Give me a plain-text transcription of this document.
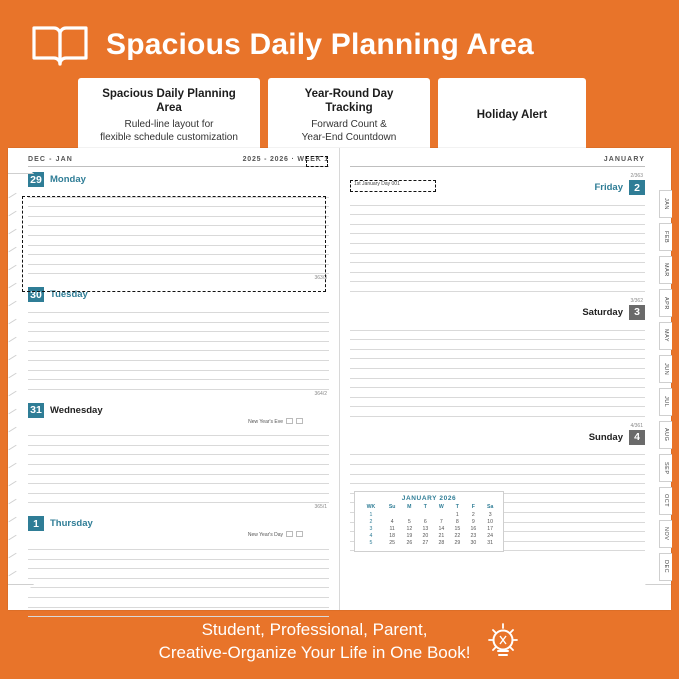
Spacious Daily Planning Area
Spacious Daily Planning Area
Ruled-line layout for
flexible schedule customization
Year-Round Day Tracking
Forward Count &
Year-End Countdown
Holiday Alert
DEC - JAN	2025 - 2026 · WEEK 1
29 Monday
363/3
30 Tuesday
364/2
31 Wednesday
New Year's Eve
365/1
1	Thursday
New Year's Day
JANUARY
2/363
Friday	2
3/362
Saturday	3
4/361
Sunday	4
1st January Day 001
JANUARY 2026
WK	Su	M	T	W	T	F	Sa
1					1	2	3
2	4	5	6	7	8	9	10
3	11	12	13	14	15	16	17
4	18	19	20	21	22	23	24
5	25	26	27	28	29	30	31
JAN
FEB
MAR
APR
MAY
JUN
JUL
AUG
SEP
OCT
NOV
DEC
Student, Professional, Parent,
Creative-Organize Your Life in One Book!
